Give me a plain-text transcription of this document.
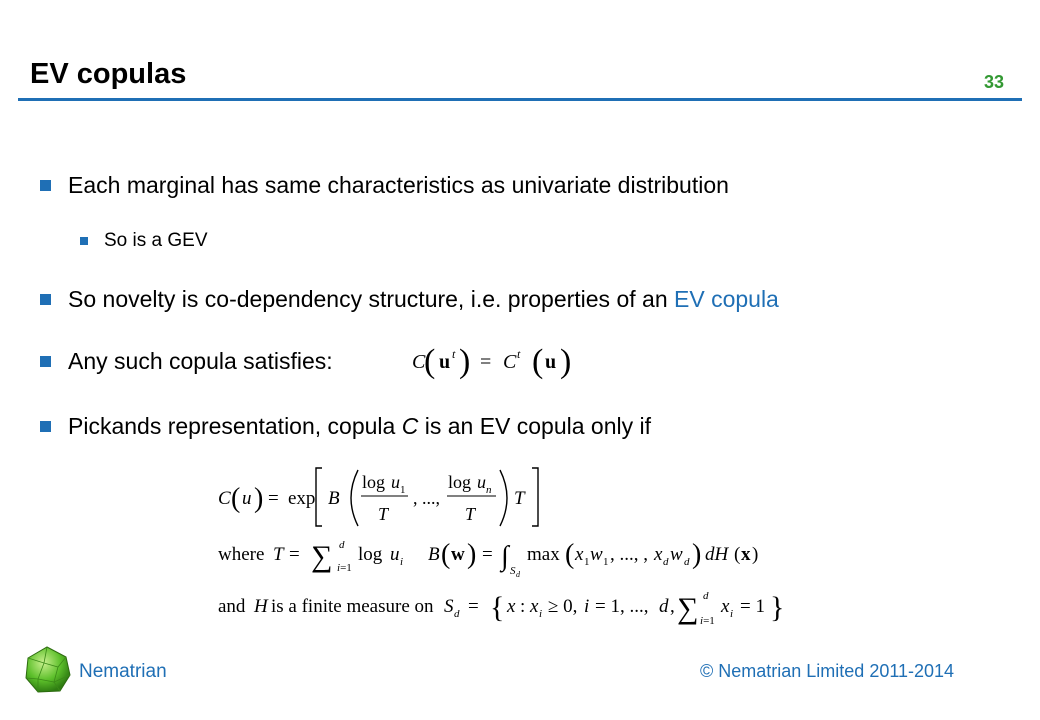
EV copulas	33
Each marginal has same characteristics as univariate distribution
So is a GEV
So novelty is co-dependency structure, i.e. properties of an EV copula
Any such copula satisfies:	C
( u t ) = C t ( u )
Pickands representation, copula C is an EV copula only if
C ( u ) = exp B
log u 1
T
, ...,
log u n
T
T
where T = ∑ d
i=1
log u i B ( w ) = ∫ S d
max ( x 1 w 1 , ..., , x d w d ) dH ( x )
and H is a finite measure on S d = { x : x i ≥ 0, i = 1, ..., d , ∑ d
i=1
x i = 1 }
Nematrian	© Nematrian Limited 2011-2014
